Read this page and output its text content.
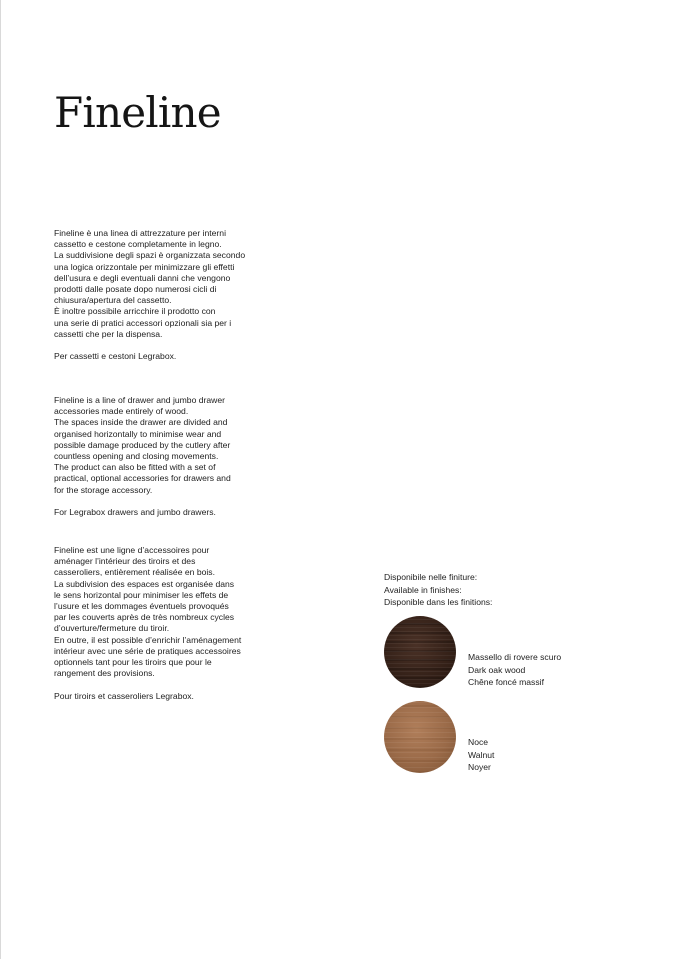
Fineline

Fineline è una linea di attrezzature per interni
cassetto e cestone completamente in legno.
La suddivisione degli spazi è organizzata secondo
una logica orizzontale per minimizzare gli effetti
dell’usura e degli eventuali danni che vengono
prodotti dalle posate dopo numerosi cicli di
chiusura/apertura del cassetto.
È inoltre possibile arricchire il prodotto con
una serie di pratici accessori opzionali sia per i
cassetti che per la dispensa.

Per cassetti e cestoni Legrabox.

Fineline is a line of drawer and jumbo drawer
accessories made entirely of wood.
The spaces inside the drawer are divided and
organised horizontally to minimise wear and
possible damage produced by the cutlery after
countless opening and closing movements.
The product can also be fitted with a set of
practical, optional accessories for drawers and
for the storage accessory.

For Legrabox drawers and jumbo drawers.

Fineline est une ligne d’accessoires pour
aménager l’intérieur des tiroirs et des
casseroliers, entièrement réalisée en bois.
La subdivision des espaces est organisée dans
le sens horizontal pour minimiser les effets de
l’usure et les dommages éventuels provoqués
par les couverts après de très nombreux cycles
d’ouverture/fermeture du tiroir.
En outre, il est possible d’enrichir l’aménagement
intérieur avec une série de pratiques accessoires
optionnels tant pour les tiroirs que pour le
rangement des provisions.

Pour tiroirs et casseroliers Legrabox.

Disponibile nelle finiture:
Available in finishes:
Disponible dans les finitions:
Massello di rovere scuro
Dark oak wood
Chêne foncé massif
Noce
Walnut
Noyer
